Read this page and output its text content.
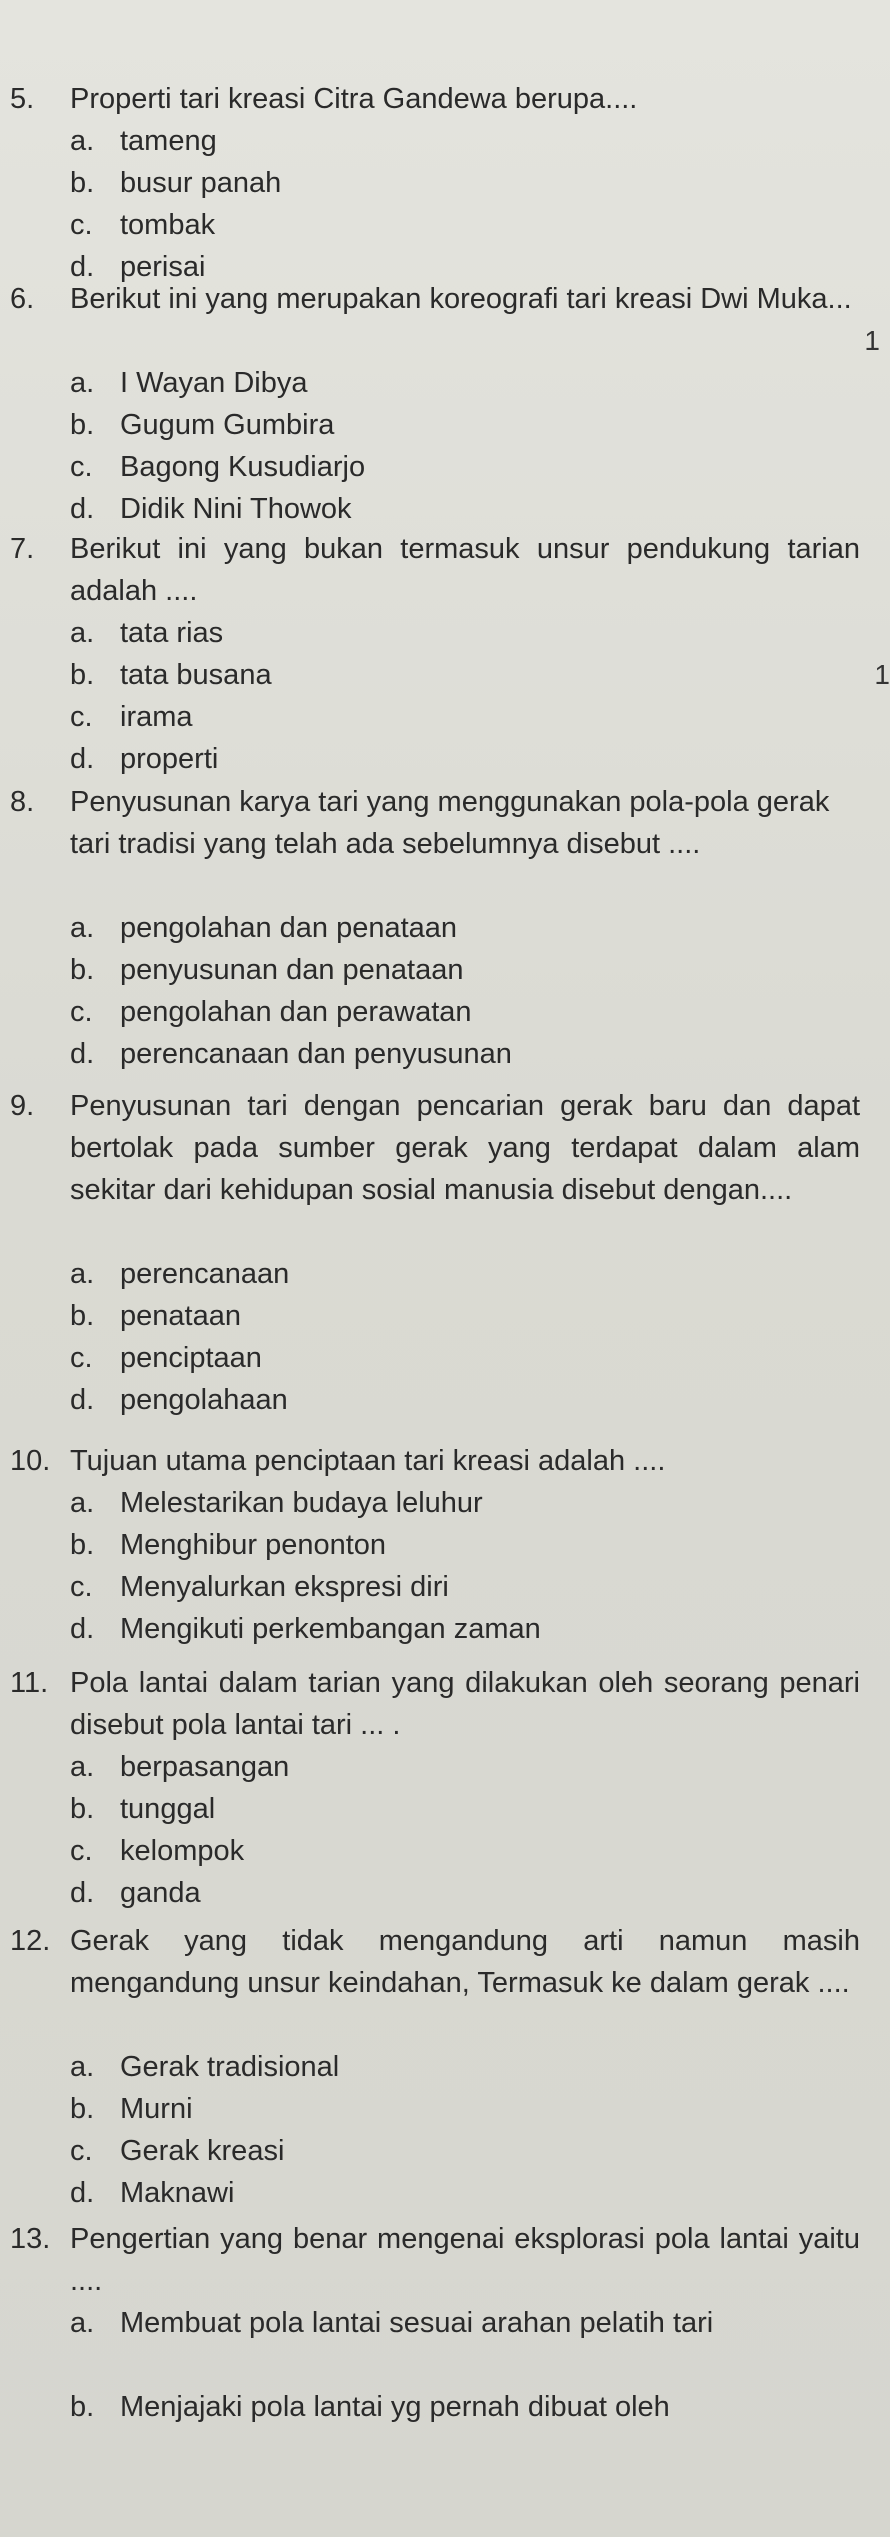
5. Properti tari kreasi Citra Gandewa berupa....
a. tameng
b. busur panah
c. tombak
d. perisai
6. Berikut ini yang merupakan koreografi tari kreasi Dwi Muka...
1
a. I Wayan Dibya
b. Gugum Gumbira
c. Bagong Kusudiarjo
d. Didik Nini Thowok
7. Berikut ini yang bukan termasuk unsur pendukung tarian adalah ....
1
a. tata rias
b. tata busana
c. irama
d. properti
8. Penyusunan karya tari yang menggunakan pola-pola gerak tari tradisi yang telah ada sebelumnya disebut ....
a. pengolahan dan penataan
b. penyusunan dan penataan
c. pengolahan dan perawatan
d. perencanaan dan penyusunan
9. Penyusunan tari dengan pencarian gerak baru dan dapat bertolak pada sumber gerak yang terdapat dalam alam sekitar dari kehidupan sosial manusia disebut dengan....
a. perencanaan
b. penataan
c. penciptaan
d. pengolahaan
10. Tujuan utama penciptaan tari kreasi adalah ....
a. Melestarikan budaya leluhur
b. Menghibur penonton
c. Menyalurkan ekspresi diri
d. Mengikuti perkembangan zaman
11. Pola lantai dalam tarian yang dilakukan oleh seorang penari disebut pola lantai tari ... .
a. berpasangan
b. tunggal
c. kelompok
d. ganda
12. Gerak yang tidak mengandung arti namun masih mengandung unsur keindahan, Termasuk ke dalam gerak ....
a. Gerak tradisional
b. Murni
c. Gerak kreasi
d. Maknawi
13. Pengertian yang benar mengenai eksplorasi pola lantai yaitu ....
a. Membuat pola lantai sesuai arahan pelatih tari
b. Menjajaki pola lantai yg pernah dibuat oleh
